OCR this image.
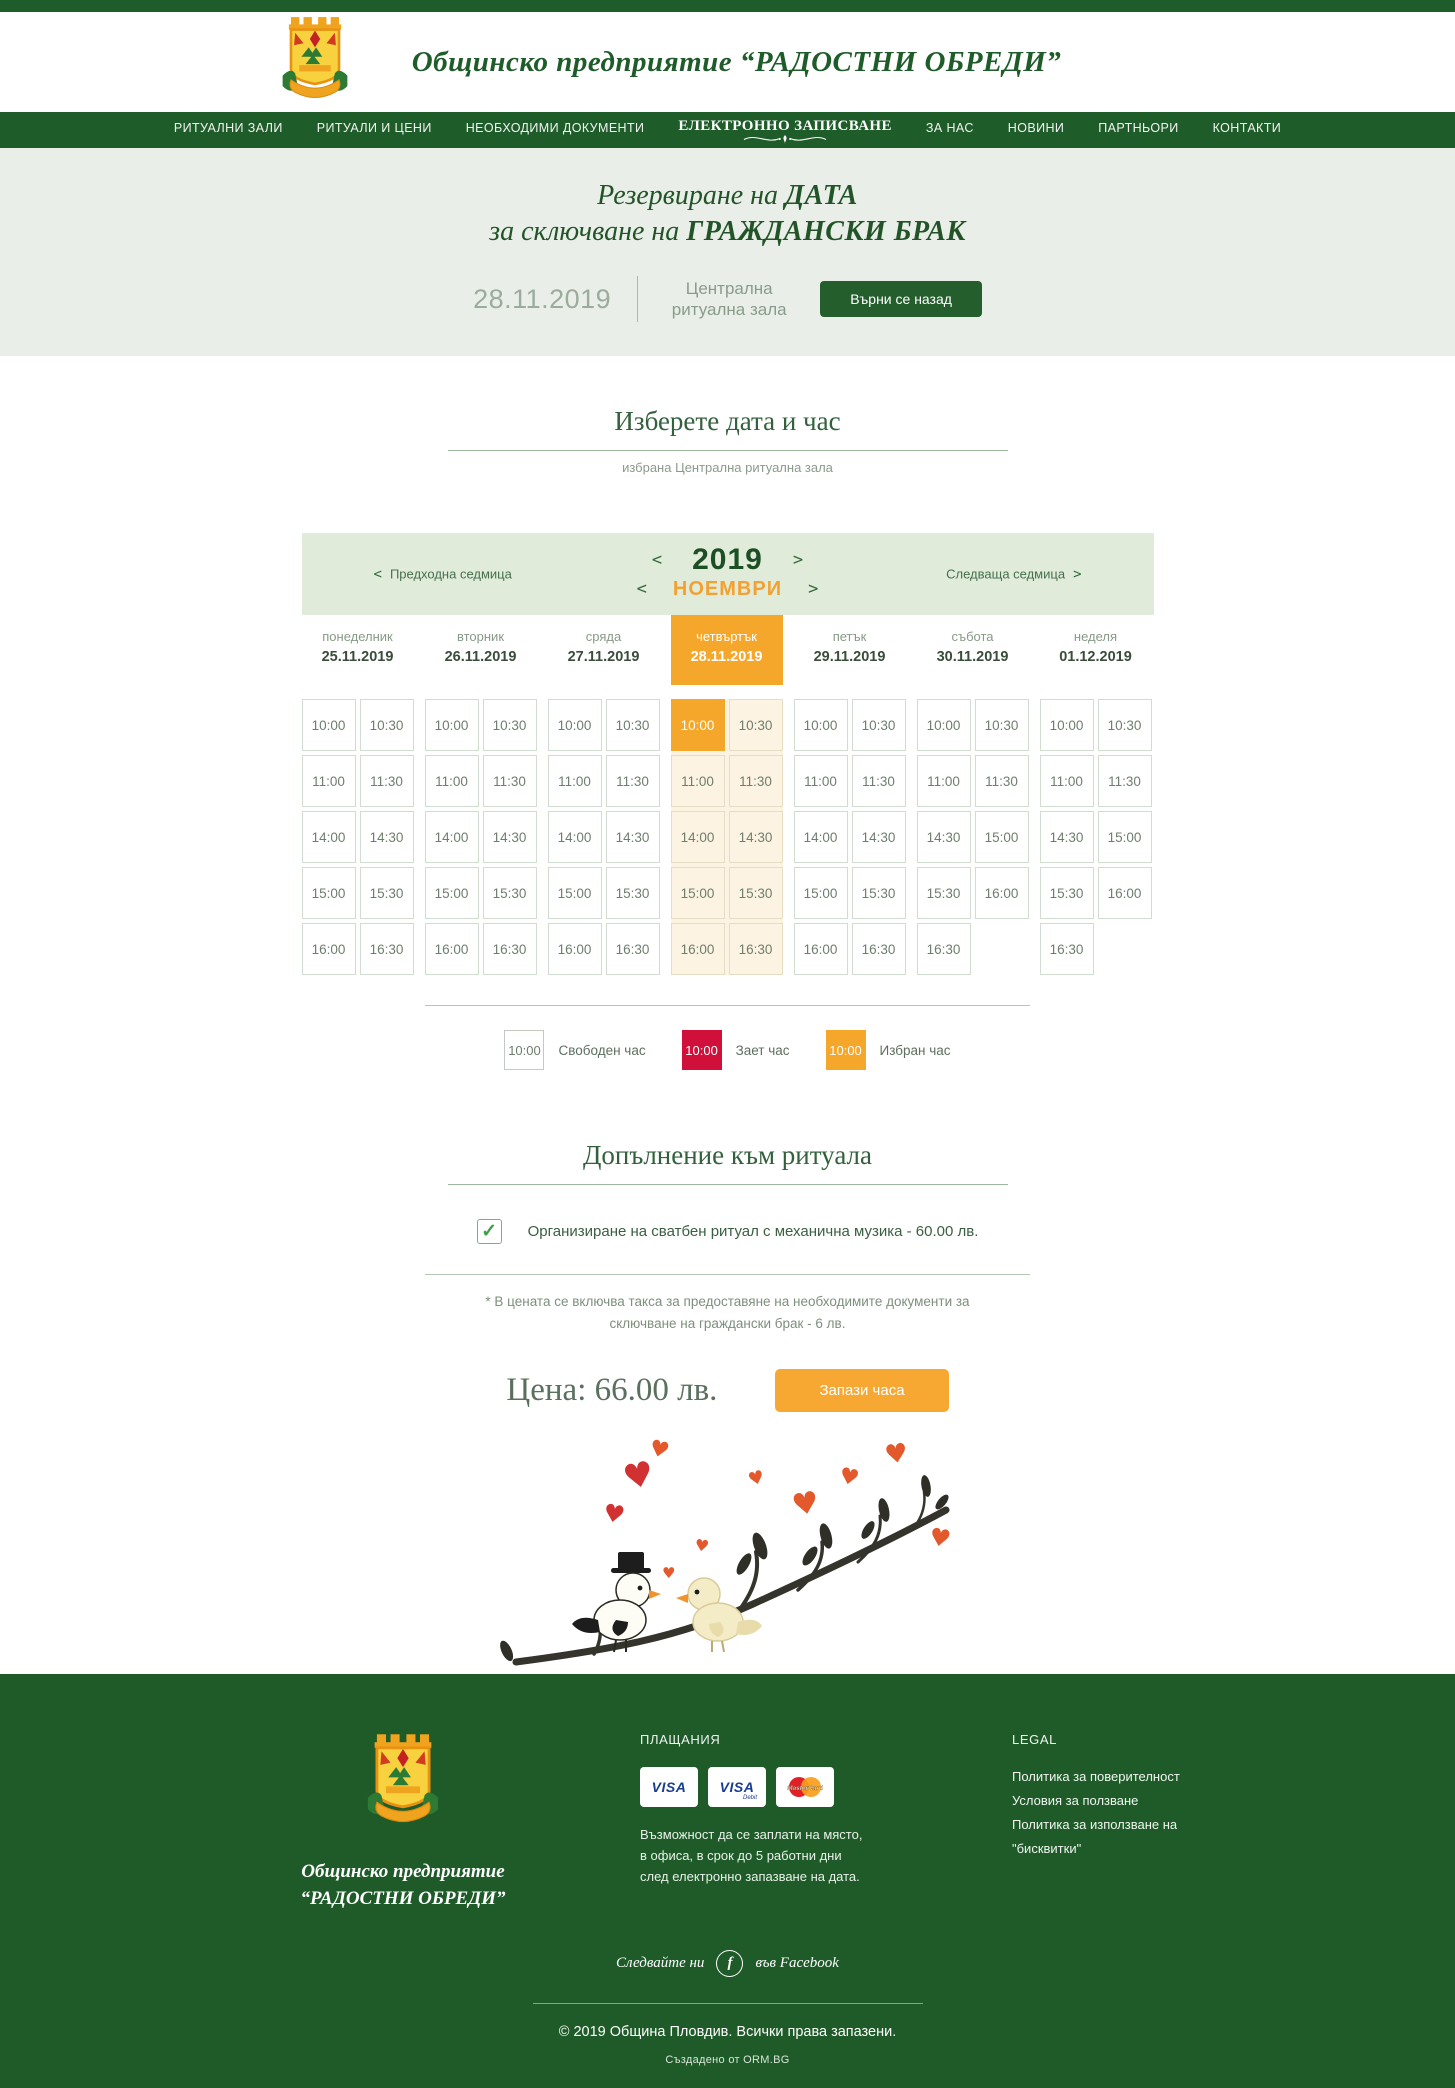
Общинско предприятие “РАДОСТНИ ОБРЕДИ”
РИТУАЛНИ ЗАЛИ	РИТУАЛИ И ЦЕНИ	НЕОБХОДИМИ ДОКУМЕНТИ ЕЛЕКТРОННО ЗАПИСВАНЕ	ЗА НАС	НОВИНИ	ПАРТНЬОРИ	КОНТАКТИ
Резервиране на ДАТА
за сключване на ГРАЖДАНСКИ БРАК
28.11.2019	Централна ритуална зала
Върни се назад
Изберете дата и час
избрана Централна ритуална зала
< 2019 >
< НОЕМВРИ >
< Предходна седмица	Следваща седмица >
понеделник
25.11.2019
10:00	10:30
11:00	11:30
14:00	14:30
15:00	15:30
16:00	16:30
вторник
26.11.2019
10:00	10:30
11:00	11:30
14:00	14:30
15:00	15:30
16:00	16:30
сряда
27.11.2019
10:00	10:30
11:00	11:30
14:00	14:30
15:00	15:30
16:00	16:30
четвъртък
28.11.2019
10:00	10:30
11:00	11:30
14:00	14:30
15:00	15:30
16:00	16:30
петък
29.11.2019
10:00	10:30
11:00	11:30
14:00	14:30
15:00	15:30
16:00	16:30
събота
30.11.2019
10:00	10:30
11:00	11:30
14:30	15:00
15:30	16:00
16:30
неделя
01.12.2019
10:00	10:30
11:00	11:30
14:30	15:00
15:30	16:00
16:30
10:00 Свободен час	10:00 Зает час	10:00 Избран час
Допълнение към ритуала
✓ Организиране на сватбен ритуал с механична музика - 60.00 лв.
* В цената се включва такса за предоставяне на необходимите документи за
сключване на граждански брак - 6 лв.
Цена: 66.00 лв.	Запази часа
♥
♥
♥
♥
♥
♥
♥
♥
♥
♥
Общинско предприятие
“РАДОСТНИ ОБРЕДИ”
ПЛАЩАНИЯ
VISA VISA
Debit
MasterCard
Възможност да се заплати на място,
в офиса, в срок до 5 работни дни
след електронно запазване на дата.
LEGAL
Политика за поверителност
Условия за ползване
Политика за използване на "бисквитки"
Следвайте ни	f	във Facebook
© 2019 Община Пловдив. Всички права запазени.
Създадено от ORM.BG
